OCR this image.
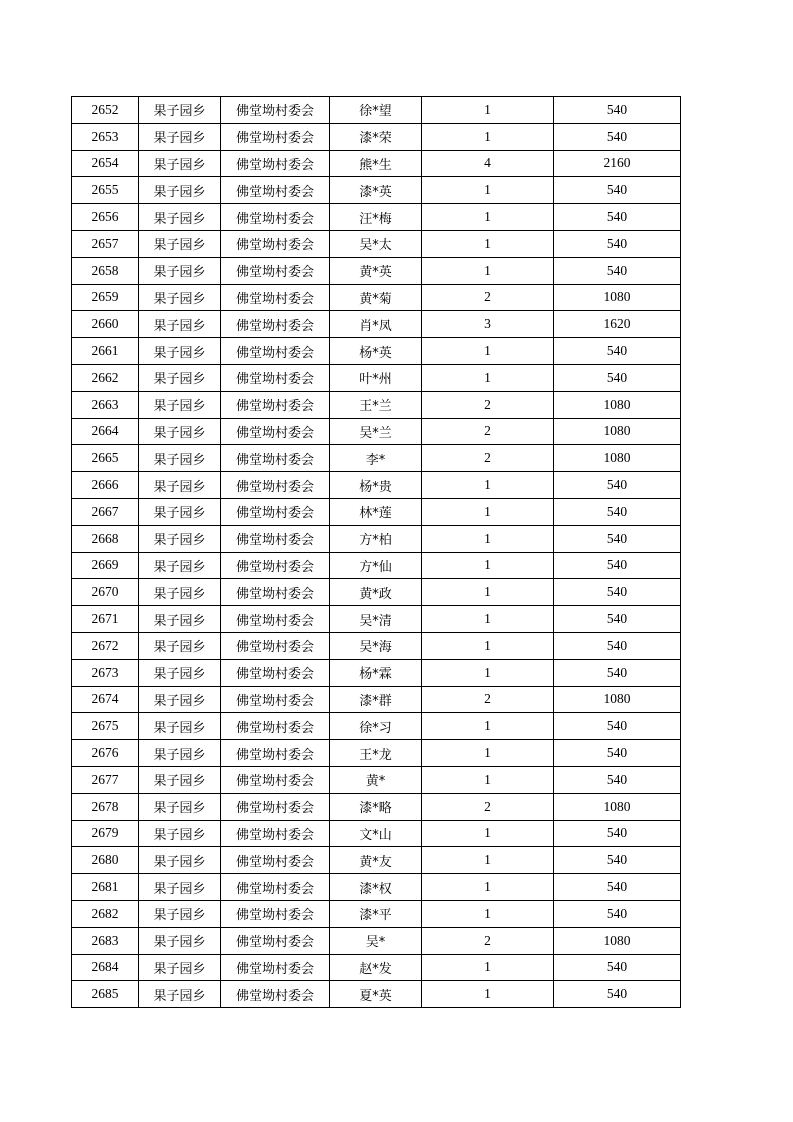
2652	果子园乡	佛堂坳村委会	徐*望	1	540
2653	果子园乡	佛堂坳村委会	漆*荣	1	540
2654	果子园乡	佛堂坳村委会	熊*生	4	2160
2655	果子园乡	佛堂坳村委会	漆*英	1	540
2656	果子园乡	佛堂坳村委会	汪*梅	1	540
2657	果子园乡	佛堂坳村委会	吴*太	1	540
2658	果子园乡	佛堂坳村委会	黄*英	1	540
2659	果子园乡	佛堂坳村委会	黄*菊	2	1080
2660	果子园乡	佛堂坳村委会	肖*凤	3	1620
2661	果子园乡	佛堂坳村委会	杨*英	1	540
2662	果子园乡	佛堂坳村委会	叶*州	1	540
2663	果子园乡	佛堂坳村委会	王*兰	2	1080
2664	果子园乡	佛堂坳村委会	吴*兰	2	1080
2665	果子园乡	佛堂坳村委会	李*	2	1080
2666	果子园乡	佛堂坳村委会	杨*贵	1	540
2667	果子园乡	佛堂坳村委会	林*莲	1	540
2668	果子园乡	佛堂坳村委会	方*柏	1	540
2669	果子园乡	佛堂坳村委会	方*仙	1	540
2670	果子园乡	佛堂坳村委会	黄*政	1	540
2671	果子园乡	佛堂坳村委会	吴*清	1	540
2672	果子园乡	佛堂坳村委会	吴*海	1	540
2673	果子园乡	佛堂坳村委会	杨*霖	1	540
2674	果子园乡	佛堂坳村委会	漆*群	2	1080
2675	果子园乡	佛堂坳村委会	徐*习	1	540
2676	果子园乡	佛堂坳村委会	王*龙	1	540
2677	果子园乡	佛堂坳村委会	黄*	1	540
2678	果子园乡	佛堂坳村委会	漆*略	2	1080
2679	果子园乡	佛堂坳村委会	文*山	1	540
2680	果子园乡	佛堂坳村委会	黄*友	1	540
2681	果子园乡	佛堂坳村委会	漆*权	1	540
2682	果子园乡	佛堂坳村委会	漆*平	1	540
2683	果子园乡	佛堂坳村委会	吴*	2	1080
2684	果子园乡	佛堂坳村委会	赵*发	1	540
2685	果子园乡	佛堂坳村委会	夏*英	1	540
